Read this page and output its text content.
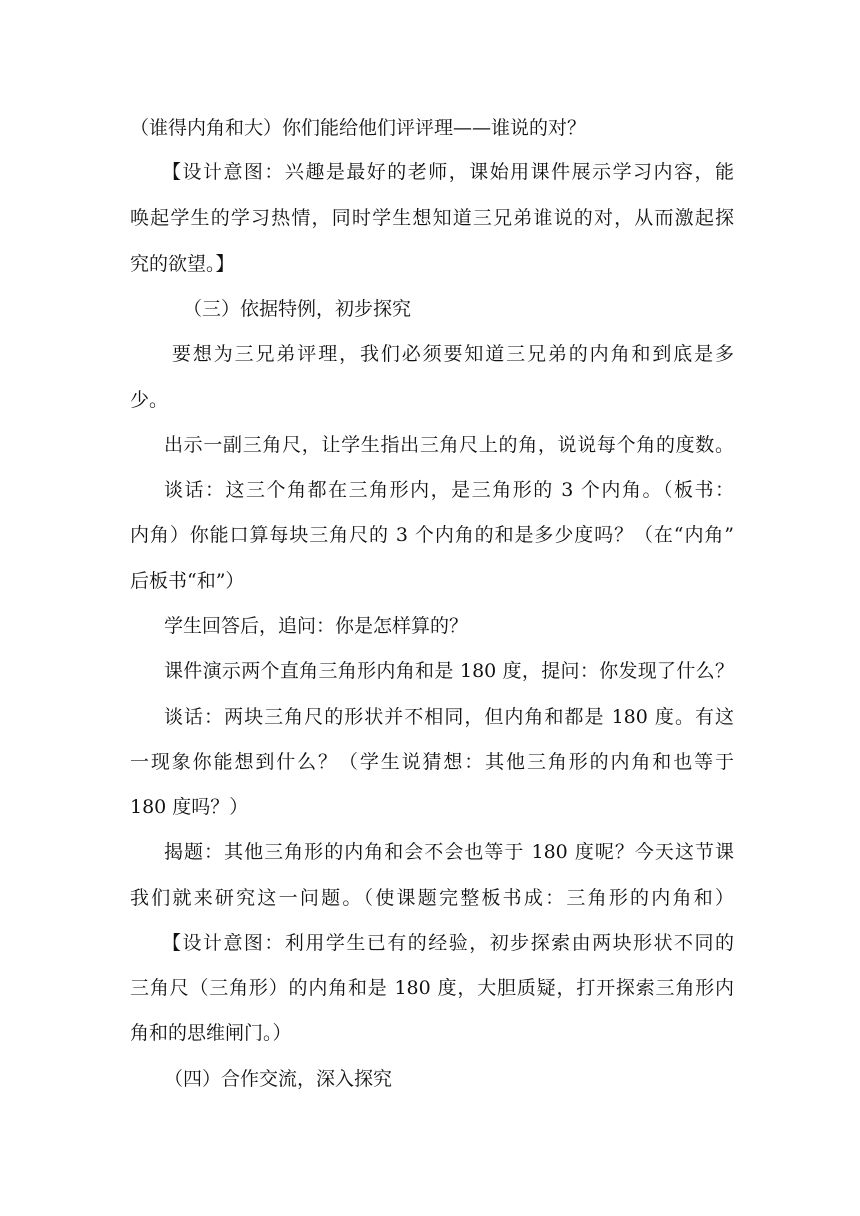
（谁得内角和大）你们能给他们评评理——谁说的对？
【设计意图：兴趣是最好的老师，课始用课件展示学习内容，能
唤起学生的学习热情，同时学生想知道三兄弟谁说的对，从而激起探
究的欲望。】
（三）依据特例，初步探究
要想为三兄弟评理，我们必须要知道三兄弟的内角和到底是多
少。
出示一副三角尺，让学生指出三角尺上的角，说说每个角的度数。
谈话：这三个角都在三角形内，是三角形的 3 个内角。（板书：
内角）你能口算每块三角尺的 3 个内角的和是多少度吗？（在“内角”
后板书“和”）
学生回答后，追问：你是怎样算的？
课件演示两个直角三角形内角和是 180 度，提问：你发现了什么？
谈话：两块三角尺的形状并不相同，但内角和都是 180 度。有这
一现象你能想到什么？（学生说猜想：其他三角形的内角和也等于
180 度吗？）
揭题：其他三角形的内角和会不会也等于 180 度呢？今天这节课
我们就来研究这一问题。（使课题完整板书成：三角形的内角和）
【设计意图：利用学生已有的经验，初步探索由两块形状不同的
三角尺（三角形）的内角和是 180 度，大胆质疑，打开探索三角形内
角和的思维闸门。）
（四）合作交流，深入探究
